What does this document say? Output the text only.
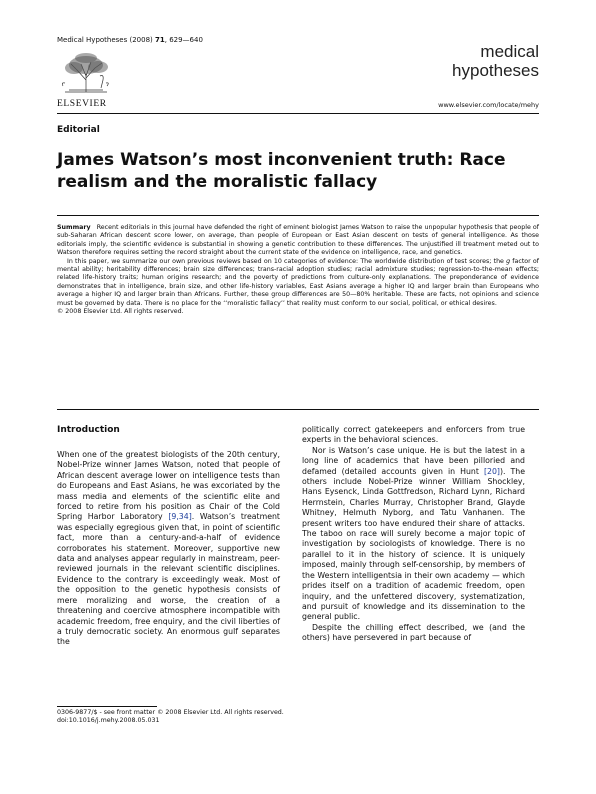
Medical Hypotheses (2008) 71, 629—640
ELSEVIER
medical
hypotheses
www.elsevier.com/locate/mehy
Editorial
James Watson’s most inconvenient truth: Race realism and the moralistic fallacy

Summary Recent editorials in this journal have defended the right of eminent biologist James Watson to raise the unpopular hypothesis that people of sub-Saharan African descent score lower, on average, than people of European or East Asian descent on tests of general intelligence. As those editorials imply, the scientific evidence is substantial in showing a genetic contribution to these differences. The unjustified ill treatment meted out to Watson therefore requires setting the record straight about the current state of the evidence on intelligence, race, and genetics.

In this paper, we summarize our own previous reviews based on 10 categories of evidence: The worldwide distribution of test scores; the g factor of mental ability; heritability differences; brain size differences; trans-racial adoption studies; racial admixture studies; regression-to-the-mean effects; related life-history traits; human origins research; and the poverty of predictions from culture-only explanations. The preponderance of evidence demonstrates that in intelligence, brain size, and other life-history variables, East Asians average a higher IQ and larger brain than Europeans who average a higher IQ and larger brain than Africans. Further, these group differences are 50—80% heritable. These are facts, not opinions and science must be governed by data. There is no place for the ‘‘moralistic fallacy’’ that reality must conform to our social, political, or ethical desires.

© 2008 Elsevier Ltd. All rights reserved.

Introduction

When one of the greatest biologists of the 20th century, Nobel-Prize winner James Watson, noted that people of African descent average lower on intelligence tests than do Europeans and East Asians, he was excoriated by the mass media and elements of the scientific elite and forced to retire from his position as Chair of the Cold Spring Harbor Laboratory [9,34]. Watson’s treatment was especially egregious given that, in point of scientific fact, more than a century-and-a-half of evidence corroborates his statement. Moreover, supportive new data and analyses appear regularly in mainstream, peer-reviewed journals in the relevant scientific disciplines. Evidence to the contrary is exceedingly weak. Most of the opposition to the genetic hypothesis consists of mere moralizing and worse, the creation of a threatening and coercive atmosphere incompatible with academic freedom, free enquiry, and the civil liberties of a truly democratic society. An enormous gulf separates the

politically correct gatekeepers and enforcers from true experts in the behavioral sciences.

Nor is Watson’s case unique. He is but the latest in a long line of academics that have been pilloried and defamed (detailed accounts given in Hunt [20]). The others include Nobel-Prize winner William Shockley, Hans Eysenck, Linda Gottfredson, Richard Lynn, Richard Herrnstein, Charles Murray, Christopher Brand, Glayde Whitney, Helmuth Nyborg, and Tatu Vanhanen. The present writers too have endured their share of attacks. The taboo on race will surely become a major topic of investigation by sociologists of knowledge. There is no parallel to it in the history of science. It is uniquely imposed, mainly through self-censorship, by members of the Western intelligentsia in their own academy — which prides itself on a tradition of academic freedom, open inquiry, and the unfettered discovery, systematization, and pursuit of knowledge and its dissemination to the general public.

Despite the chilling effect described, we (and the others) have persevered in part because of

0306-9877/$ - see front matter © 2008 Elsevier Ltd. All rights reserved.
doi:10.1016/j.mehy.2008.05.031
